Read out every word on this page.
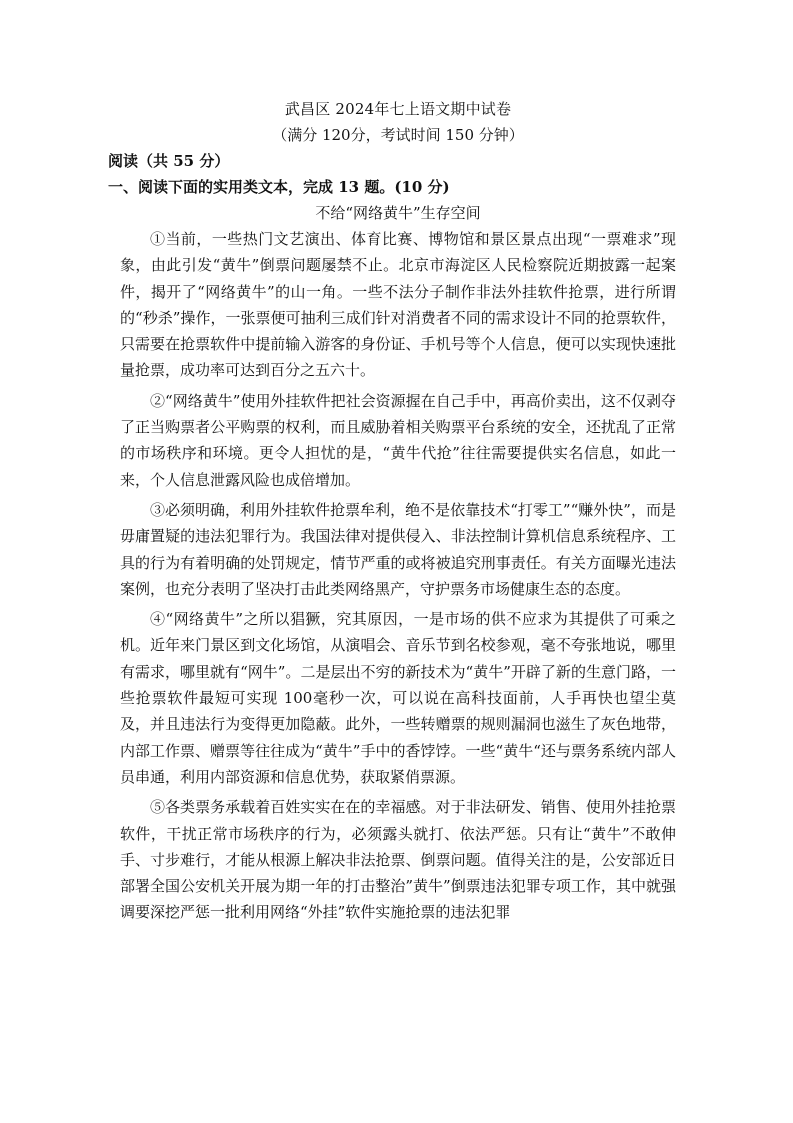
武昌区 2024年七上语文期中试卷
（满分 120分，考试时间 150 分钟）
阅读（共 55 分）
一、阅读下面的实用类文本，完成 13 题。(10 分)
不给“网络黄牛”生存空间

①当前，一些热门文艺演出、体育比赛、博物馆和景区景点出现“一票难求”现象，由此引发“黄牛”倒票问题屡禁不止。北京市海淀区人民检察院近期披露一起案件，揭开了“网络黄牛”的山一角。一些不法分子制作非法外挂软件抢票，进行所谓的“秒杀”操作，一张票便可抽利三成们针对消费者不同的需求设计不同的抢票软件，只需要在抢票软件中提前输入游客的身份证、手机号等个人信息，便可以实现快速批量抢票，成功率可达到百分之五六十。

②“网络黄牛”使用外挂软件把社会资源握在自己手中，再高价卖出，这不仅剥夺了正当购票者公平购票的权利，而且威胁着相关购票平台系统的安全，还扰乱了正常的市场秩序和环境。更令人担忧的是，“黄牛代抢”往往需要提供实名信息，如此一来，个人信息泄露风险也成倍增加。

③必须明确，利用外挂软件抢票牟利，绝不是依靠技术“打零工”“赚外快”，而是毋庸置疑的违法犯罪行为。我国法律对提供侵入、非法控制计算机信息系统程序、工具的行为有着明确的处罚规定，情节严重的或将被追究刑事责任。有关方面曝光违法案例，也充分表明了坚决打击此类网络黑产，守护票务市场健康生态的态度。

④“网络黄牛”之所以猖獗，究其原因，一是市场的供不应求为其提供了可乘之机。近年来门景区到文化场馆，从演唱会、音乐节到名校参观，毫不夸张地说，哪里有需求，哪里就有“网牛”。二是层出不穷的新技术为“黄牛”开辟了新的生意门路，一些抢票软件最短可实现 100毫秒一次，可以说在高科技面前，人手再快也望尘莫及，并且违法行为变得更加隐蔽。此外，一些转赠票的规则漏洞也滋生了灰色地带，内部工作票、赠票等往往成为“黄牛”手中的香饽饽。一些“黄牛“还与票务系统内部人员串通，利用内部资源和信息优势，获取紧俏票源。

⑤各类票务承载着百姓实实在在的幸福感。对于非法研发、销售、使用外挂抢票软件，干扰正常市场秩序的行为，必须露头就打、依法严惩。只有让“黄牛”不敢伸手、寸步难行，才能从根源上解决非法抢票、倒票问题。值得关注的是，公安部近日部署全国公安机关开展为期一年的打击整治”黄牛”倒票违法犯罪专项工作，其中就强调要深挖严惩一批利用网络“外挂”软件实施抢票的违法犯罪
